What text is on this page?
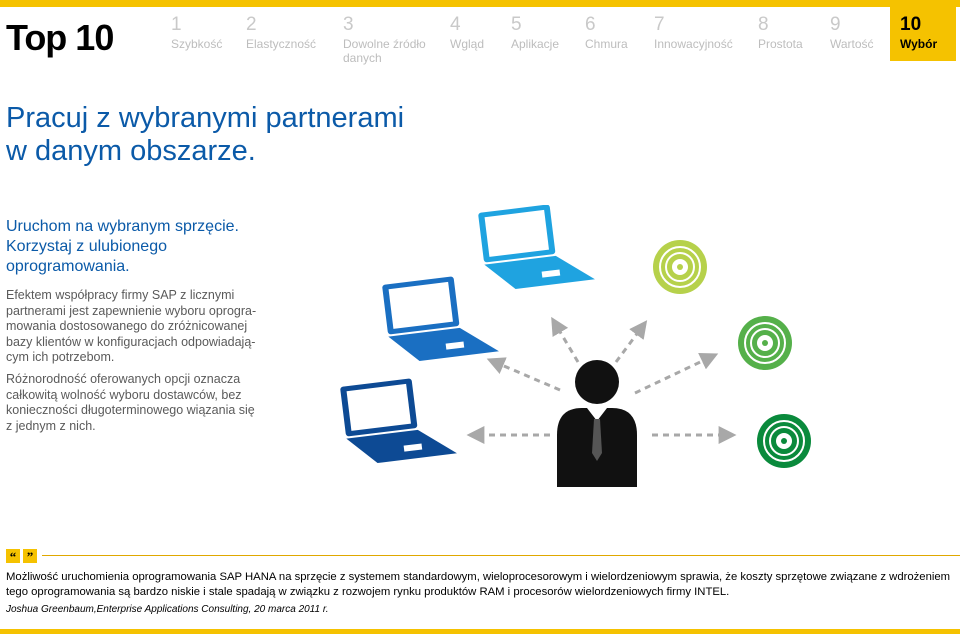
Top 10	1
Szybkość
2
Elastyczność
3
Dowolne źródło danych
4
Wgląd
5
Aplikacje
6
Chmura
7
Innowacyjność
8
Prostota
9
Wartość
10
Wybór
Pracuj z wybranymi partnerami
w danym obszarze.

Uruchom na wybranym sprzęcie. Korzystaj z ulubionego oprogramowania.

Efektem współpracy firmy SAP z licznymi partnerami jest zapewnienie wyboru oprogra-mowania dostosowanego do zróżnicowanej bazy klientów w konfiguracjach odpowiadają-cym ich potrzebom.

Różnorodność oferowanych opcji oznacza całkowitą wolność wyboru dostawców, bez konieczności długoterminowego wiązania się z jednym z nich.

“ ”

Możliwość uruchomienia oprogramowania SAP HANA na sprzęcie z systemem standardowym, wieloprocesorowym i wielordzeniowym sprawia, że koszty sprzętowe związane z wdrożeniem tego oprogramowania są bardzo niskie i stale spadają w związku z rozwojem rynku produktów RAM i procesorów wielordzeniowych firmy INTEL.

Joshua Greenbaum,Enterprise Applications Consulting, 20 marca 2011 r.
